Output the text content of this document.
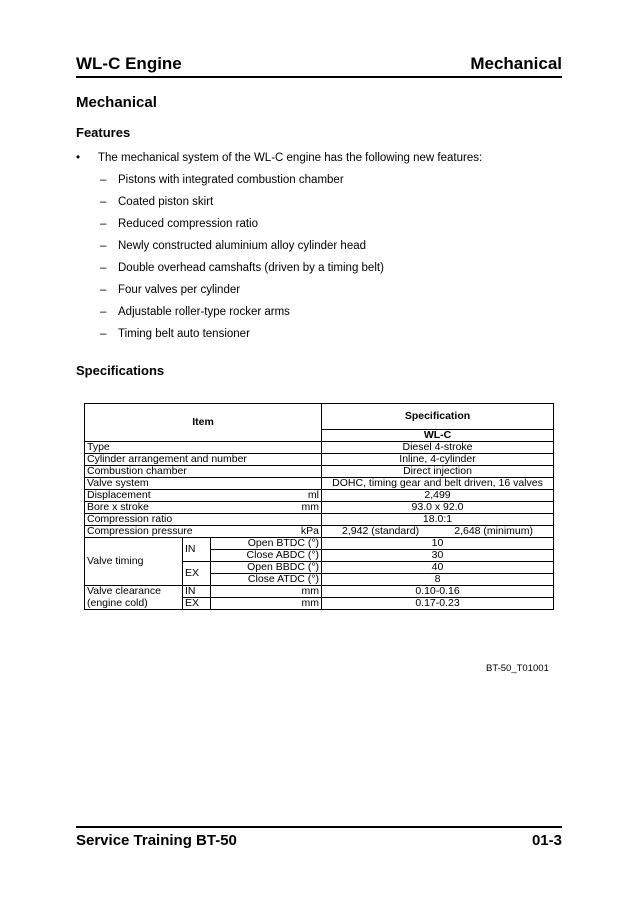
WL-C Engine	Mechanical
Mechanical
Features
•	The mechanical system of the WL-C engine has the following new features:
–	Pistons with integrated combustion chamber
–	Coated piston skirt
–	Reduced compression ratio
–	Newly constructed aluminium alloy cylinder head
–	Double overhead camshafts (driven by a timing belt)
–	Four valves per cylinder
–	Adjustable roller-type rocker arms
–	Timing belt auto tensioner
Specifications
Item			Specification
			WL-C
Type			Diesel 4-stroke
Cylinder arrangement and number			Inline, 4-cylinder
Combustion chamber			Direct injection
Valve system			DOHC, timing gear and belt driven, 16 valves
Displacement		ml	2,499
Bore x stroke		mm	93.0 x 92.0
Compression ratio			18.0:1
Compression pressure		kPa	2,942 (standard) 2,648 (minimum)

Valve timing	IN	Open BTDC (°)	10
		Close ABDC (°)	30
	EX	Open BBDC (°)	40
		Close ATDC (°)	8
Valve clearance	IN	mm	0.10-0.16
(engine cold)	EX	mm	0.17-0.23
BT-50_T01001
Service Training BT-50	01-3
